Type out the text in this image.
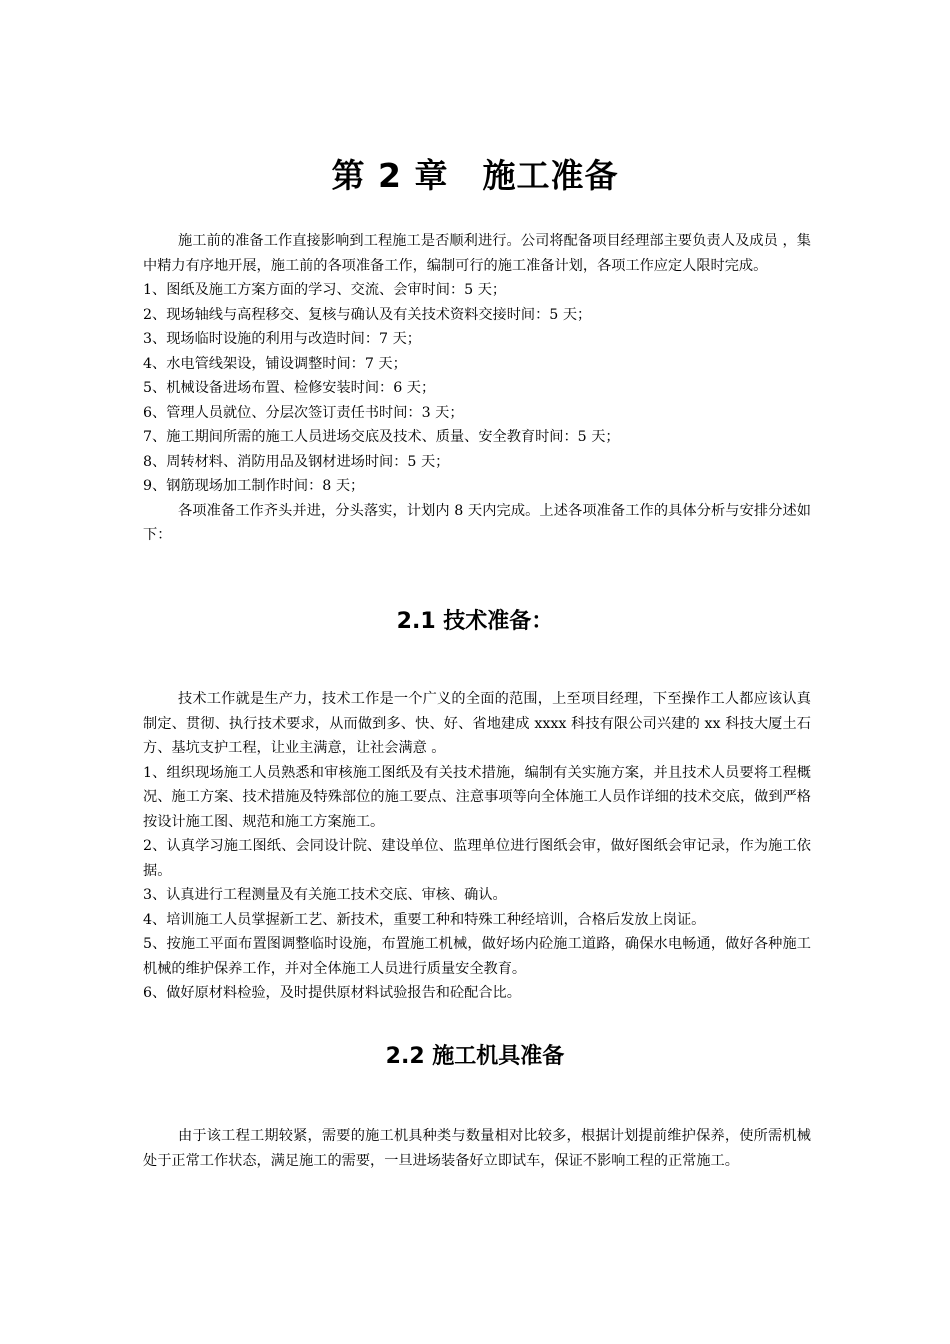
第 2 章　施工准备

施工前的准备工作直接影响到工程施工是否顺利进行。公司将配备项目经理部主要负责人及成员 ，集中精力有序地开展，施工前的各项准备工作，编制可行的施工准备计划，各项工作应定人限时完成。

1、图纸及施工方案方面的学习、交流、会审时间：5 天；

2、现场轴线与高程移交、复核与确认及有关技术资料交接时间：5 天；

3、现场临时设施的利用与改造时间：7 天；

4、水电管线架设，铺设调整时间：7 天；

5、机械设备进场布置、检修安装时间：6 天；

6、管理人员就位、分层次签订责任书时间：3 天；

7、施工期间所需的施工人员进场交底及技术、质量、安全教育时间：5 天；

8、周转材料、消防用品及钢材进场时间：5 天；

9、钢筋现场加工制作时间：8 天；

各项准备工作齐头并进，分头落实，计划内 8 天内完成。上述各项准备工作的具体分析与安排分述如下：

2.1 技术准备：

技术工作就是生产力，技术工作是一个广义的全面的范围，上至项目经理，下至操作工人都应该认真制定、贯彻、执行技术要求，从而做到多、快、好、省地建成 xxxx 科技有限公司兴建的 xx 科技大厦土石方、基坑支护工程，让业主满意，让社会满意 。

1、组织现场施工人员熟悉和审核施工图纸及有关技术措施，编制有关实施方案，并且技术人员要将工程概况、施工方案、技术措施及特殊部位的施工要点、注意事项等向全体施工人员作详细的技术交底，做到严格按设计施工图、规范和施工方案施工。

2、认真学习施工图纸、会同设计院、建设单位、监理单位进行图纸会审，做好图纸会审记录，作为施工依据。

3、认真进行工程测量及有关施工技术交底、审核、确认。

4、培训施工人员掌握新工艺、新技术，重要工种和特殊工种经培训，合格后发放上岗证。

5、按施工平面布置图调整临时设施，布置施工机械，做好场内砼施工道路，确保水电畅通，做好各种施工机械的维护保养工作，并对全体施工人员进行质量安全教育。

6、做好原材料检验，及时提供原材料试验报告和砼配合比。

2.2 施工机具准备

由于该工程工期较紧，需要的施工机具种类与数量相对比较多，根据计划提前维护保养，使所需机械处于正常工作状态，满足施工的需要，一旦进场装备好立即试车，保证不影响工程的正常施工。
